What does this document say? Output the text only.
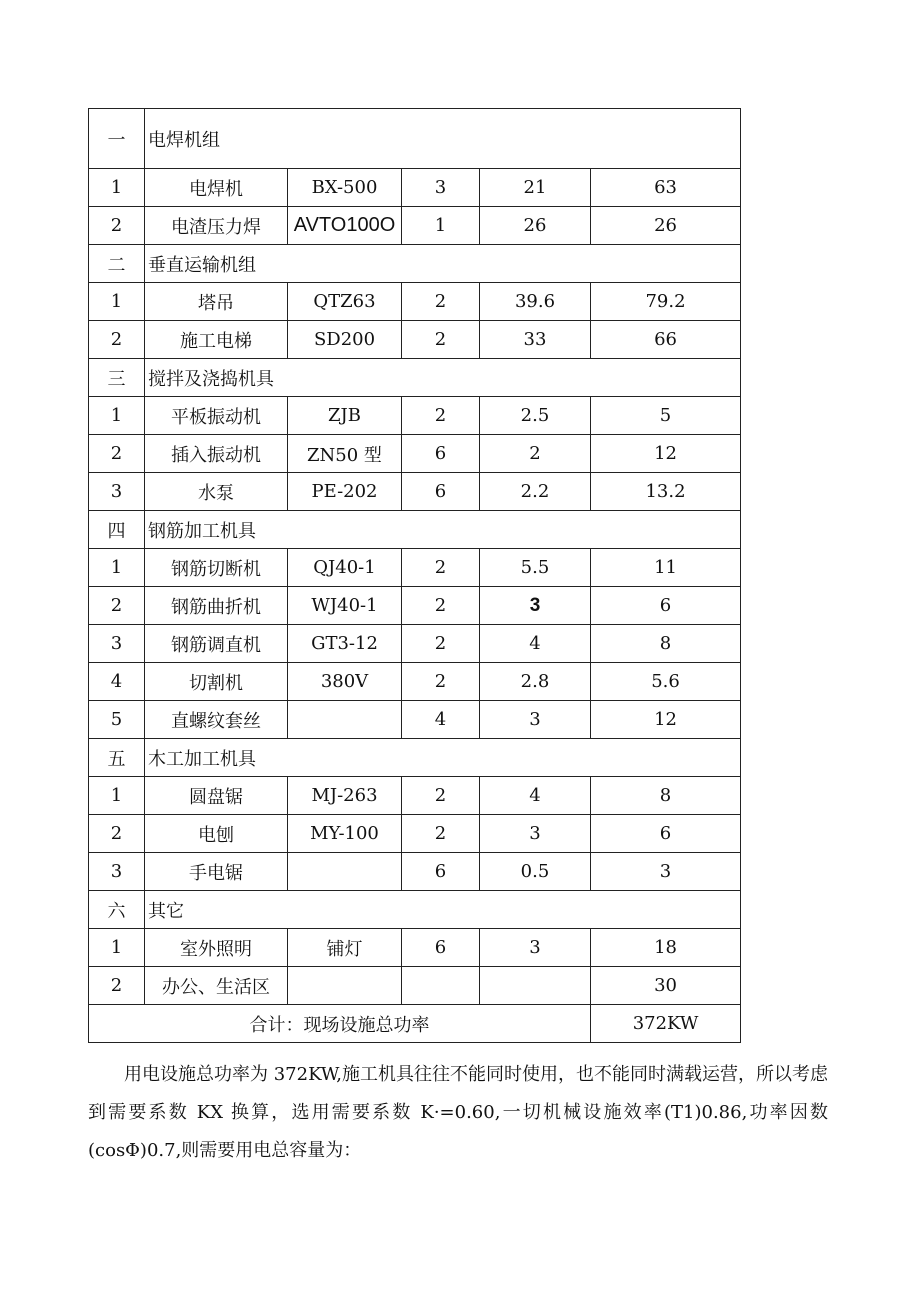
一	电焊机组				
1	电焊机	BX-500	3	21	63
2	电渣压力焊	AVTO100O	1	26	26
二	垂直运输机组				
1	塔吊	QTZ63	2	39.6	79.2
2	施工电梯	SD200	2	33	66
三	搅拌及浇捣机具				
1	平板振动机	ZJB	2	2.5	5
2	插入振动机	ZN50 型	6	2	12
3	水泵	PE-202	6	2.2	13.2
四	钢筋加工机具				
1	钢筋切断机	QJ40-1	2	5.5	11
2	钢筋曲折机	WJ40-1	2	3	6
3	钢筋调直机	GT3-12	2	4	8
4	切割机	380V	2	2.8	5.6
5	直螺纹套丝		4	3	12
五	木工加工机具				
1	圆盘锯	MJ-263	2	4	8
2	电刨	MY-100	2	3	6
3	手电锯		6	0.5	3
六	其它				
1	室外照明	铺灯	6	3	18
2	办公、生活区				30
合计：现场设施总功率					372KW

用电设施总功率为 372KW,施工机具往往不能同时使用，也不能同时满载运营，所以考虑到需要系数 KX 换算，选用需要系数 K·=0.60,一切机械设施效率(T1)0.86,功率因数(cosΦ)0.7,则需要用电总容量为：
